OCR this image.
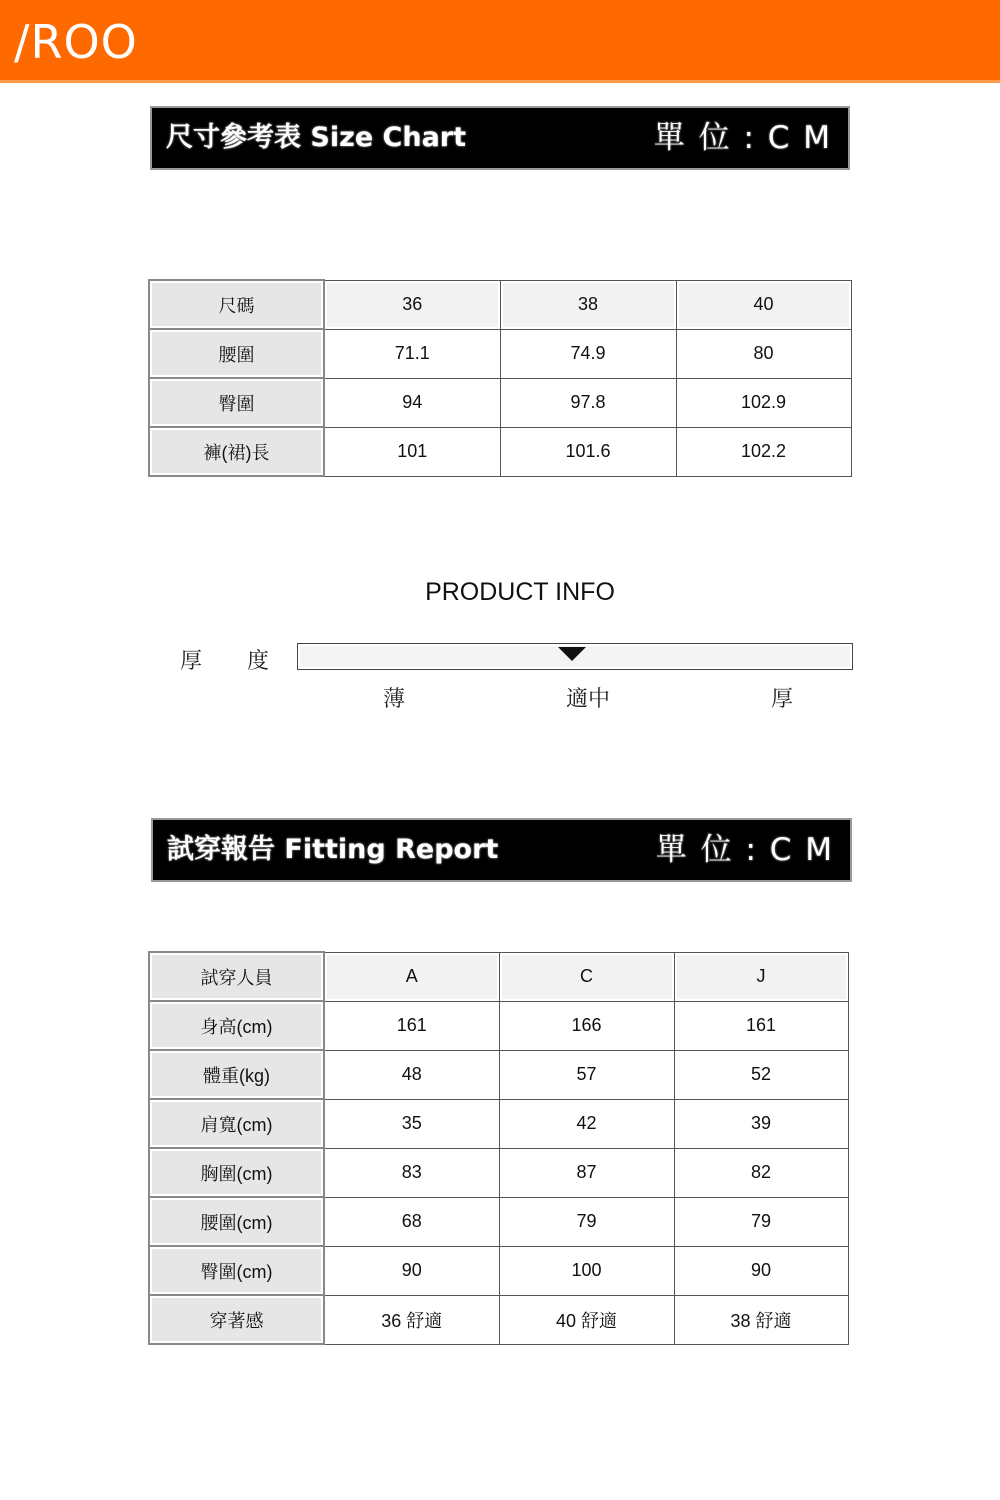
/ROO
尺寸參考表 Size Chart	單 位 : C M
尺碼	36	38	40
腰圍	71.1	74.9	80
臀圍	94	97.8	102.9
褲(裙)長	101	101.6	102.2
PRODUCT INFO
厚 度
薄	適中	厚
試穿報告 Fitting Report	單 位 : C M
試穿人員	A	C	J
身高(cm)	161	166	161
體重(kg)	48	57	52
肩寬(cm)	35	42	39
胸圍(cm)	83	87	82
腰圍(cm)	68	79	79
臀圍(cm)	90	100	90
穿著感	36 舒適	40 舒適	38 舒適
